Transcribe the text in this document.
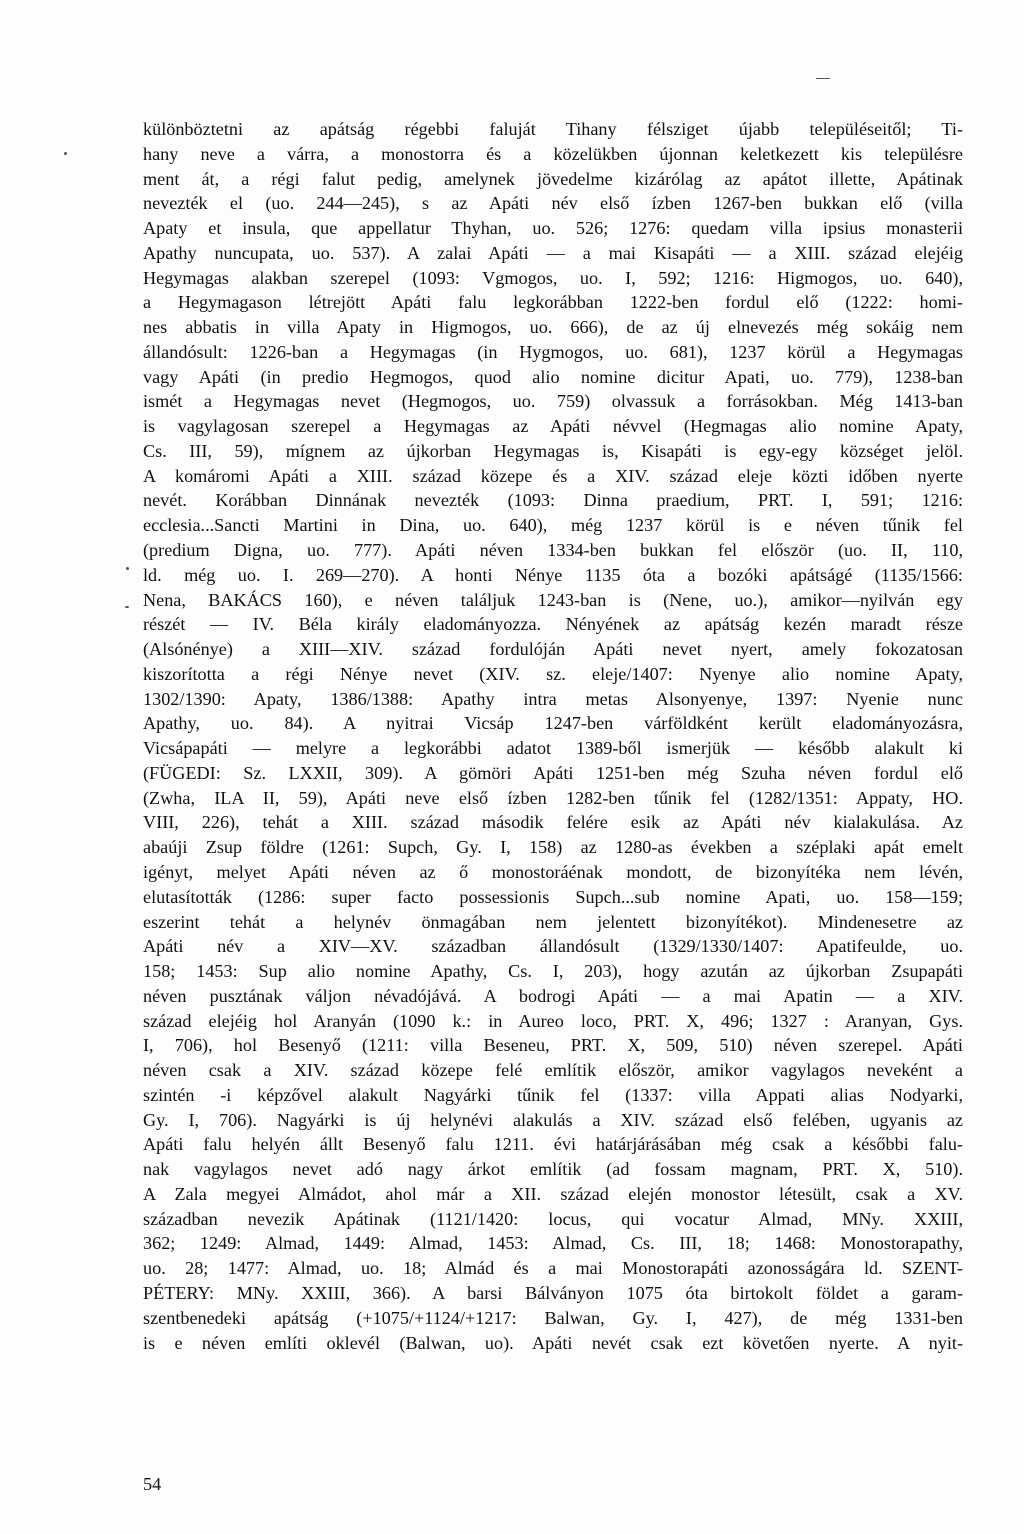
különböztetni az apátság régebbi faluját Tihany félsziget újabb településeitől; Ti-
hany neve a várra, a monostorra és a közelükben újonnan keletkezett kis településre
ment át, a régi falut pedig, amelynek jövedelme kizárólag az apátot illette, Apátinak
nevezték el (uo. 244—245), s az Apáti név első ízben 1267-ben bukkan elő (villa
Apaty et insula, que appellatur Thyhan, uo. 526; 1276: quedam villa ipsius monasterii
Apathy nuncupata, uo. 537). A zalai Apáti — a mai Kisapáti — a XIII. század elejéig
Hegymagas alakban szerepel (1093: Vgmogos, uo. I, 592; 1216: Higmogos, uo. 640),
a Hegymagason létrejött Apáti falu legkorábban 1222-ben fordul elő (1222: homi-
nes abbatis in villa Apaty in Higmogos, uo. 666), de az új elnevezés még sokáig nem
állandósult: 1226-ban a Hegymagas (in Hygmogos, uo. 681), 1237 körül a Hegymagas
vagy Apáti (in predio Hegmogos, quod alio nomine dicitur Apati, uo. 779), 1238-ban
ismét a Hegymagas nevet (Hegmogos, uo. 759) olvassuk a forrásokban. Még 1413-ban
is vagylagosan szerepel a Hegymagas az Apáti névvel (Hegmagas alio nomine Apaty,
Cs. III, 59), mígnem az újkorban Hegymagas is, Kisapáti is egy-egy községet jelöl.
A komáromi Apáti a XIII. század közepe és a XIV. század eleje közti időben nyerte
nevét. Korábban Dinnának nevezték (1093: Dinna praedium, PRT. I, 591; 1216:
ecclesia...Sancti Martini in Dina, uo. 640), még 1237 körül is e néven tűnik fel
(predium Digna, uo. 777). Apáti néven 1334-ben bukkan fel először (uo. II, 110,
ld. még uo. I. 269—270). A honti Nénye 1135 óta a bozóki apátságé (1135/1566:
Nena, BAKÁCS 160), e néven találjuk 1243-ban is (Nene, uo.), amikor—nyilván egy
részét — IV. Béla király eladományozza. Nényének az apátság kezén maradt része
(Alsónénye) a XIII—XIV. század fordulóján Apáti nevet nyert, amely fokozatosan
kiszorította a régi Nénye nevet (XIV. sz. eleje/1407: Nyenye alio nomine Apaty,
1302/1390: Apaty, 1386/1388: Apathy intra metas Alsonyenye, 1397: Nyenie nunc
Apathy, uo. 84). A nyitrai Vicsáp 1247-ben várföldként került eladományozásra,
Vicsápapáti — melyre a legkorábbi adatot 1389-ből ismerjük — később alakult ki
(FÜGEDI: Sz. LXXII, 309). A gömöri Apáti 1251-ben még Szuha néven fordul elő
(Zwha, ILA II, 59), Apáti neve első ízben 1282-ben tűnik fel (1282/1351: Appaty, HO.
VIII, 226), tehát a XIII. század második felére esik az Apáti név kialakulása. Az
abaúji Zsup földre (1261: Supch, Gy. I, 158) az 1280-as években a széplaki apát emelt
igényt, melyet Apáti néven az ő monostoráénak mondott, de bizonyítéka nem lévén,
elutasították (1286: super facto possessionis Supch...sub nomine Apati, uo. 158—159;
eszerint tehát a helynév önmagában nem jelentett bizonyítékot). Mindenesetre az
Apáti név a XIV—XV. században állandósult (1329/1330/1407: Apatifeulde, uo.
158; 1453: Sup alio nomine Apathy, Cs. I, 203), hogy azután az újkorban Zsupapáti
néven pusztának váljon névadójává. A bodrogi Apáti — a mai Apatin — a XIV.
század elejéig hol Aranyán (1090 k.: in Aureo loco, PRT. X, 496; 1327 : Aranyan, Gys.
I, 706), hol Besenyő (1211: villa Beseneu, PRT. X, 509, 510) néven szerepel. Apáti
néven csak a XIV. század közepe felé említik először, amikor vagylagos neveként a
szintén -i képzővel alakult Nagyárki tűnik fel (1337: villa Appati alias Nodyarki,
Gy. I, 706). Nagyárki is új helynévi alakulás a XIV. század első felében, ugyanis az
Apáti falu helyén állt Besenyő falu 1211. évi határjárásában még csak a későbbi falu-
nak vagylagos nevet adó nagy árkot említik (ad fossam magnam, PRT. X, 510).
A Zala megyei Almádot, ahol már a XII. század elején monostor létesült, csak a XV.
században nevezik Apátinak (1121/1420: locus, qui vocatur Almad, MNy. XXIII,
362; 1249: Almad, 1449: Almad, 1453: Almad, Cs. III, 18; 1468: Monostorapathy,
uo. 28; 1477: Almad, uo. 18; Almád és a mai Monostorapáti azonosságára ld. SZENT-
PÉTERY: MNy. XXIII, 366). A barsi Bálványon 1075 óta birtokolt földet a garam-
szentbenedeki apátság (+1075/+1124/+1217: Balwan, Gy. I, 427), de még 1331-ben
is e néven említi oklevél (Balwan, uo). Apáti nevét csak ezt követően nyerte. A nyit-
54
